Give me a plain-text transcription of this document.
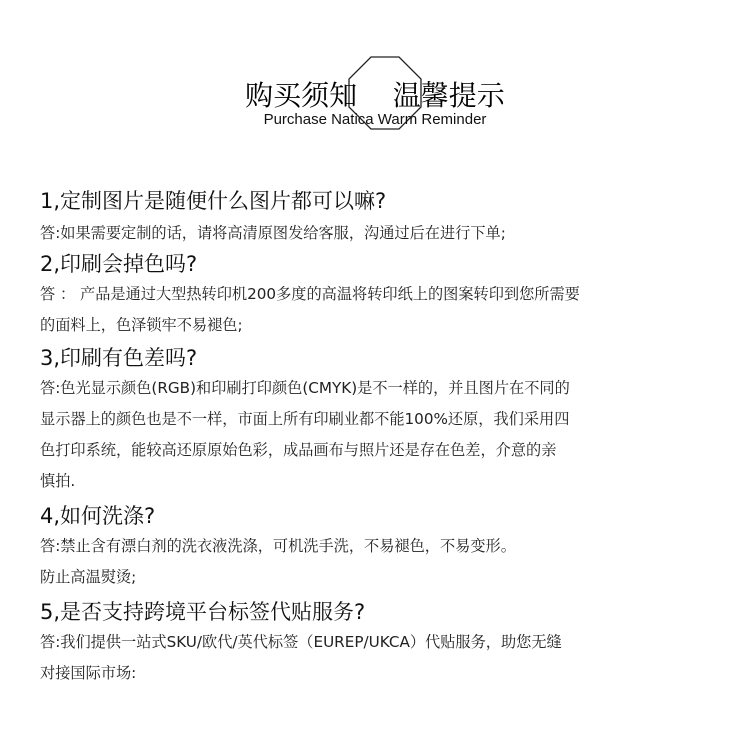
购买须知 温馨提示
Purchase Natica Warm Reminder

1,定制图片是随便什么图片都可以嘛?

答:如果需要定制的话，请将高清原图发给客服，沟通过后在进行下单;

2,印刷会掉色吗?

答 ： 产品是通过大型热转印机200多度的高温将转印纸上的图案转印到您所需要

的面料上，色泽锁牢不易褪色;

3,印刷有色差吗?

答:色光显示颜色(RGB)和印刷打印颜色(CMYK)是不一样的，并且图片在不同的

显示器上的颜色也是不一样，市面上所有印刷业都不能100%还原，我们采用四

色打印系统，能较高还原原始色彩，成品画布与照片还是存在色差，介意的亲

慎拍.

4,如何洗涤?

答:禁止含有漂白剂的洗衣液洗涤，可机洗手洗，不易褪色，不易变形。

防止高温熨烫;

5,是否支持跨境平台标签代贴服务?

答:我们提供一站式SKU/欧代/英代标签（EUREP/UKCA）代贴服务，助您无缝

对接国际市场:
